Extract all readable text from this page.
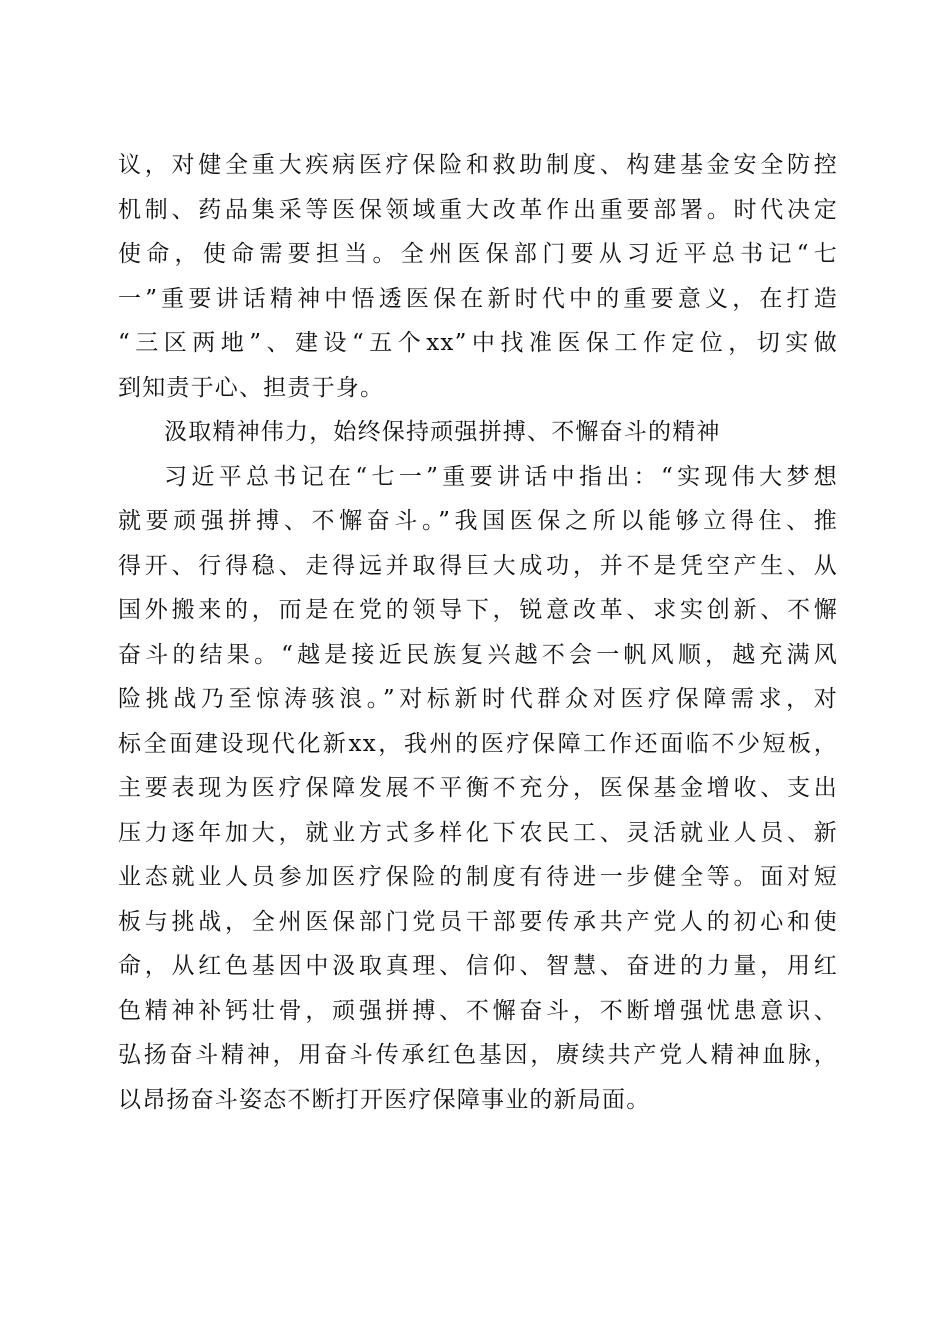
议，对健全重大疾病医疗保险和救助制度、构建基金安全防控
机制、药品集采等医保领域重大改革作出重要部署。时代决定
使命，使命需要担当。全州医保部门要从习近平总书记“七
一”重要讲话精神中悟透医保在新时代中的重要意义，在打造
“三区两地”、建设“五个xx”中找准医保工作定位，切实做
到知责于心、担责于身。
汲取精神伟力，始终保持顽强拼搏、不懈奋斗的精神
习近平总书记在“七一”重要讲话中指出：“实现伟大梦想
就要顽强拼搏、不懈奋斗。”我国医保之所以能够立得住、推
得开、行得稳、走得远并取得巨大成功，并不是凭空产生、从
国外搬来的，而是在党的领导下，锐意改革、求实创新、不懈
奋斗的结果。“越是接近民族复兴越不会一帆风顺，越充满风
险挑战乃至惊涛骇浪。”对标新时代群众对医疗保障需求，对
标全面建设现代化新xx，我州的医疗保障工作还面临不少短板，
主要表现为医疗保障发展不平衡不充分，医保基金增收、支出
压力逐年加大，就业方式多样化下农民工、灵活就业人员、新
业态就业人员参加医疗保险的制度有待进一步健全等。面对短
板与挑战，全州医保部门党员干部要传承共产党人的初心和使
命，从红色基因中汲取真理、信仰、智慧、奋进的力量，用红
色精神补钙壮骨，顽强拼搏、不懈奋斗，不断增强忧患意识、
弘扬奋斗精神，用奋斗传承红色基因，赓续共产党人精神血脉，
以昂扬奋斗姿态不断打开医疗保障事业的新局面。
